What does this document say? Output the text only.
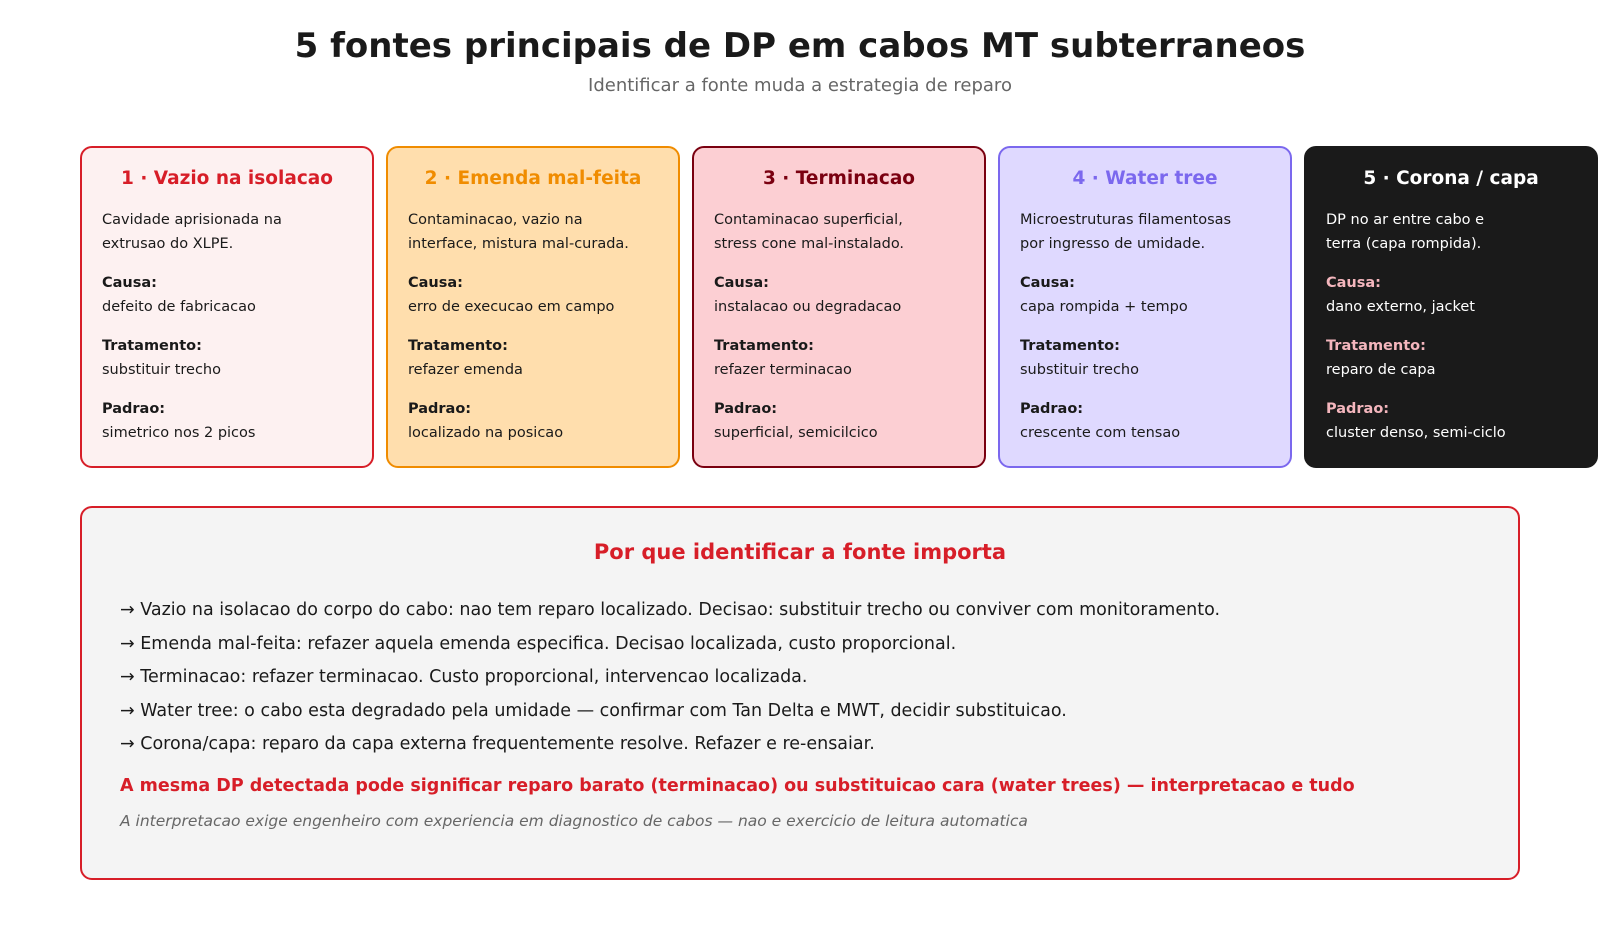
5 fontes principais de DP em cabos MT subterraneos
Identificar a fonte muda a estrategia de reparo
1 · Vazio na isolacao
Cavidade aprisionada na
extrusao do XLPE.
Causa:
defeito de fabricacao
Tratamento:
substituir trecho
Padrao:
simetrico nos 2 picos
2 · Emenda mal-feita
Contaminacao, vazio na
interface, mistura mal-curada.
Causa:
erro de execucao em campo
Tratamento:
refazer emenda
Padrao:
localizado na posicao
3 · Terminacao
Contaminacao superficial,
stress cone mal-instalado.
Causa:
instalacao ou degradacao
Tratamento:
refazer terminacao
Padrao:
superficial, semicilcico
4 · Water tree
Microestruturas filamentosas
por ingresso de umidade.
Causa:
capa rompida + tempo
Tratamento:
substituir trecho
Padrao:
crescente com tensao
5 · Corona / capa
DP no ar entre cabo e
terra (capa rompida).
Causa:
dano externo, jacket
Tratamento:
reparo de capa
Padrao:
cluster denso, semi-ciclo
Por que identificar a fonte importa
→ Vazio na isolacao do corpo do cabo: nao tem reparo localizado. Decisao: substituir trecho ou conviver com monitoramento.
→ Emenda mal-feita: refazer aquela emenda especifica. Decisao localizada, custo proporcional.
→ Terminacao: refazer terminacao. Custo proporcional, intervencao localizada.
→ Water tree: o cabo esta degradado pela umidade — confirmar com Tan Delta e MWT, decidir substituicao.
→ Corona/capa: reparo da capa externa frequentemente resolve. Refazer e re-ensaiar.
A mesma DP detectada pode significar reparo barato (terminacao) ou substituicao cara (water trees) — interpretacao e tudo
A interpretacao exige engenheiro com experiencia em diagnostico de cabos — nao e exercicio de leitura automatica
